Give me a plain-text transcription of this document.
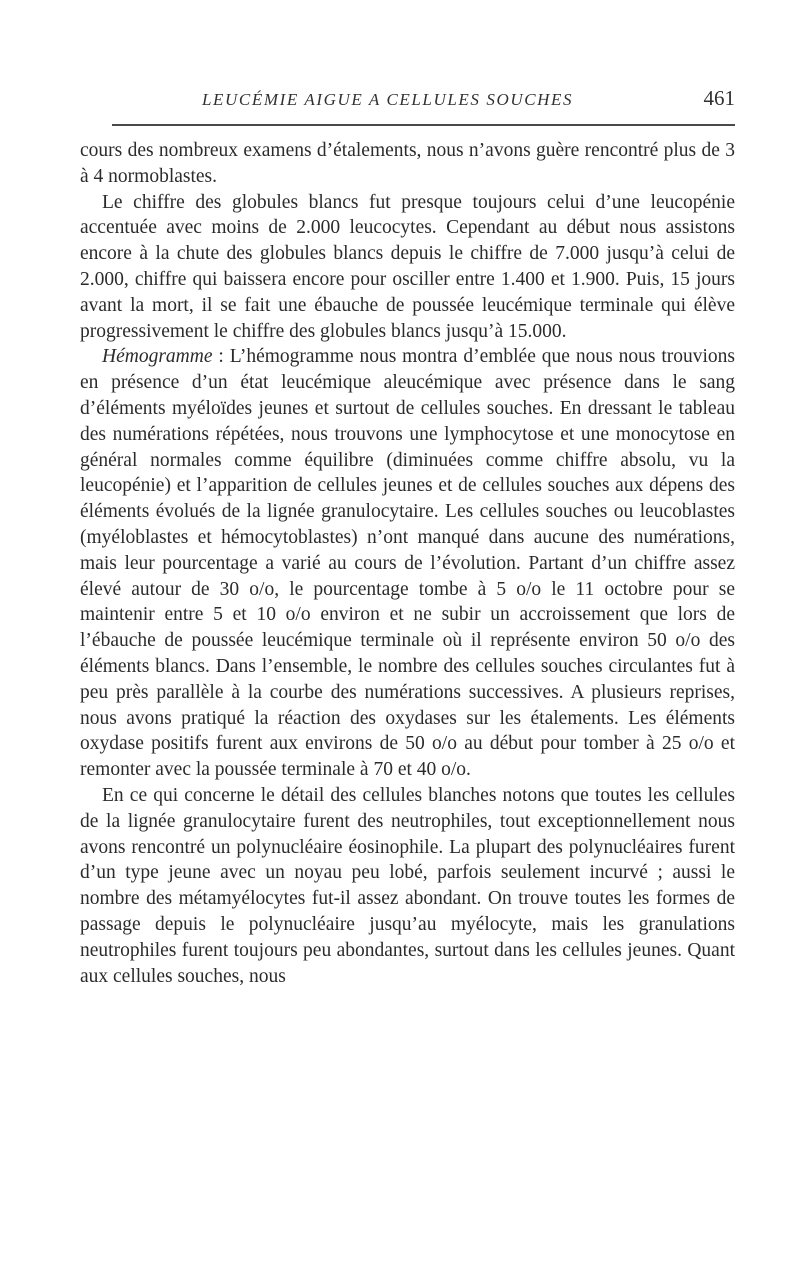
LEUCÉMIE AIGUE A CELLULES SOUCHES	461

cours des nombreux examens d’étalements, nous n’avons guère rencontré plus de 3 à 4 normoblastes.

Le chiffre des globules blancs fut presque toujours celui d’une leucopénie accentuée avec moins de 2.000 leucocytes. Cependant au début nous assistons encore à la chute des globules blancs depuis le chiffre de 7.000 jusqu’à celui de 2.000, chiffre qui baissera encore pour osciller entre 1.400 et 1.900. Puis, 15 jours avant la mort, il se fait une ébauche de poussée leucémique terminale qui élève progressivement le chiffre des globules blancs jusqu’à 15.000.

Hémogramme : L’hémogramme nous montra d’emblée que nous nous trouvions en présence d’un état leucémique aleucémique avec présence dans le sang d’éléments myéloïdes jeunes et surtout de cellules souches. En dressant le tableau des numérations répétées, nous trouvons une lymphocytose et une monocytose en général normales comme équilibre (diminuées comme chiffre absolu, vu la leucopénie) et l’apparition de cellules jeunes et de cellules souches aux dépens des éléments évolués de la lignée granulocytaire. Les cellules souches ou leucoblastes (myéloblastes et hémocytoblastes) n’ont manqué dans aucune des numérations, mais leur pourcentage a varié au cours de l’évolution. Partant d’un chiffre assez élevé autour de 30 o/o, le pourcentage tombe à 5 o/o le 11 octobre pour se maintenir entre 5 et 10 o/o environ et ne subir un accroissement que lors de l’ébauche de poussée leucémique terminale où il représente environ 50 o/o des éléments blancs. Dans l’ensemble, le nombre des cellules souches circulantes fut à peu près parallèle à la courbe des numérations successives. A plusieurs reprises, nous avons pratiqué la réaction des oxydases sur les étalements. Les éléments oxydase positifs furent aux environs de 50 o/o au début pour tomber à 25 o/o et remonter avec la poussée terminale à 70 et 40 o/o.

En ce qui concerne le détail des cellules blanches notons que toutes les cellules de la lignée granulocytaire furent des neutrophiles, tout exceptionnellement nous avons rencontré un polynucléaire éosinophile. La plupart des polynucléaires furent d’un type jeune avec un noyau peu lobé, parfois seulement incurvé ; aussi le nombre des métamyélocytes fut-il assez abondant. On trouve toutes les formes de passage depuis le polynucléaire jusqu’au myélocyte, mais les granulations neutrophiles furent toujours peu abondantes, surtout dans les cellules jeunes. Quant aux cellules souches, nous
